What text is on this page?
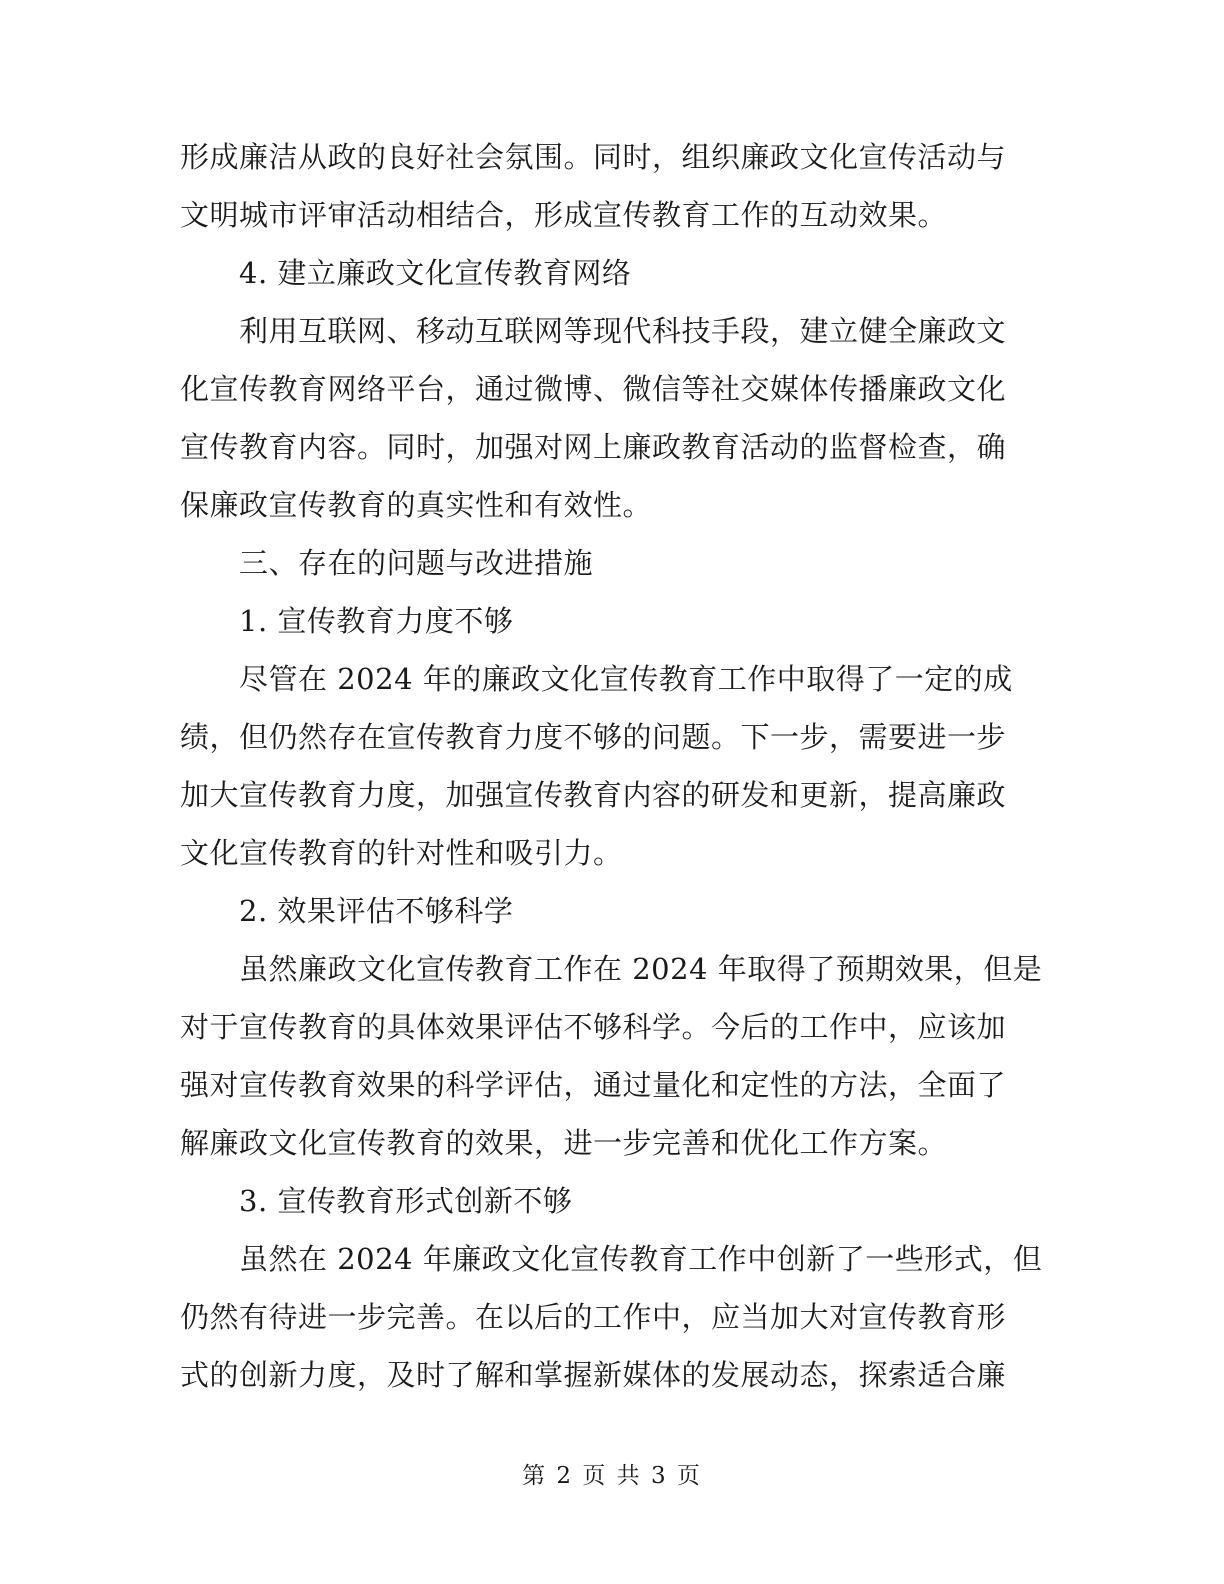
形成廉洁从政的良好社会氛围。同时，组织廉政文化宣传活动与
文明城市评审活动相结合，形成宣传教育工作的互动效果。
4. 建立廉政文化宣传教育网络
利用互联网、移动互联网等现代科技手段，建立健全廉政文
化宣传教育网络平台，通过微博、微信等社交媒体传播廉政文化
宣传教育内容。同时，加强对网上廉政教育活动的监督检查，确
保廉政宣传教育的真实性和有效性。
三、存在的问题与改进措施
1. 宣传教育力度不够
尽管在 2024 年的廉政文化宣传教育工作中取得了一定的成
绩，但仍然存在宣传教育力度不够的问题。下一步，需要进一步
加大宣传教育力度，加强宣传教育内容的研发和更新，提高廉政
文化宣传教育的针对性和吸引力。
2. 效果评估不够科学
虽然廉政文化宣传教育工作在 2024 年取得了预期效果，但是
对于宣传教育的具体效果评估不够科学。今后的工作中，应该加
强对宣传教育效果的科学评估，通过量化和定性的方法，全面了
解廉政文化宣传教育的效果，进一步完善和优化工作方案。
3. 宣传教育形式创新不够
虽然在 2024 年廉政文化宣传教育工作中创新了一些形式，但
仍然有待进一步完善。在以后的工作中，应当加大对宣传教育形
式的创新力度，及时了解和掌握新媒体的发展动态，探索适合廉
第 2 页 共 3 页
